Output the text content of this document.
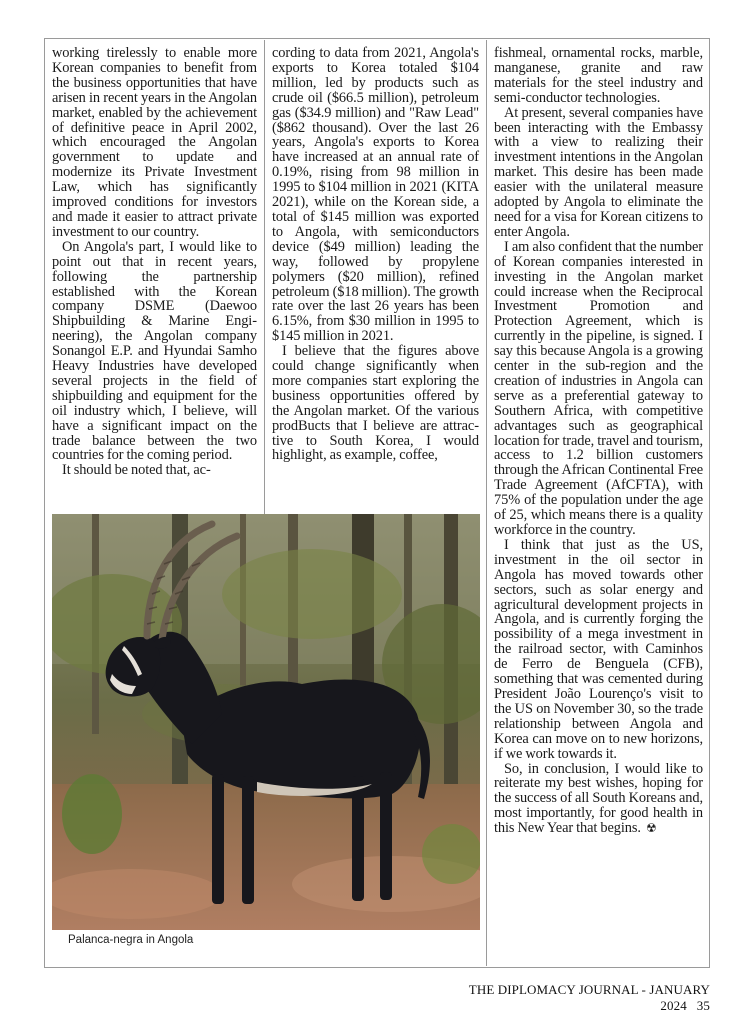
working tirelessly to enable more Korean companies to benefit from the business opportunities that have arisen in recent years in the Angolan market, enabled by the achievement of definitive peace in April 2002, which encouraged the Angolan government to update and modernize its Private Investment Law, which has significantly improved conditions for investors and made it easier to attract private investment to our country.

On Angola's part, I would like to point out that in recent years, following the partnership established with the Korean company DSME (Daewoo Shipbuilding & Marine Engineering), the Angolan company Sonangol E.P. and Hyundai Samho Heavy Industries have developed several projects in the field of shipbuilding and equipment for the oil industry which, I believe, will have a significant impact on the trade balance between the two countries for the coming period.

It should be noted that, ac-

cording to data from 2021, Angola's exports to Korea totaled $104 million, led by products such as crude oil ($66.5 million), petroleum gas ($34.9 million) and "Raw Lead" ($862 thousand). Over the last 26 years, Angola's exports to Korea have increased at an annual rate of 0.19%, rising from 98 million in 1995 to $104 million in 2021 (KITA 2021), while on the Korean side, a total of $145 million was exported to Angola, with semiconductors device ($49 million) leading the way, followed by propylene polymers ($20 million), refined petroleum ($18 million). The growth rate over the last 26 years has been 6.15%, from $30 million in 1995 to $145 million in 2021.

I believe that the figures above could change significantly when more companies start exploring the business opportunities offered by the Angolan market. Of the various prodBucts that I believe are attractive to South Korea, I would highlight, as example, coffee,

fishmeal, ornamental rocks, marble, manganese, granite and raw materials for the steel industry and semi-conductor technologies.

At present, several companies have been interacting with the Embassy with a view to realizing their investment intentions in the Angolan market. This desire has been made easier with the unilateral measure adopted by Angola to eliminate the need for a visa for Korean citizens to enter Angola.

I am also confident that the number of Korean companies interested in investing in the Angolan market could increase when the Reciprocal Investment Promotion and Protection Agreement, which is currently in the pipeline, is signed. I say this because Angola is a growing center in the sub-region and the creation of industries in Angola can serve as a preferential gateway to Southern Africa, with competitive advantages such as geographical location for trade, travel and tourism, access to 1.2 billion customers through the African Continental Free Trade Agreement (AfCFTA), with 75% of the population under the age of 25, which means there is a quality workforce in the country.

I think that just as the US, investment in the oil sector in Angola has moved towards other sectors, such as solar energy and agricultural development projects in Angola, and is currently forging the possibility of a mega investment in the railroad sector, with Caminhos de Ferro de Benguela (CFB), something that was cemented during President João Lourenço's visit to the US on November 30, so the trade relationship between Angola and Korea can move on to new horizons, if we work towards it.

So, in conclusion, I would like to reiterate my best wishes, hoping for the success of all South Koreans and, most importantly, for good health in this New Year that begins. ☢

Palanca-negra in Angola
THE DIPLOMACY JOURNAL - JANUARY 2024 35
